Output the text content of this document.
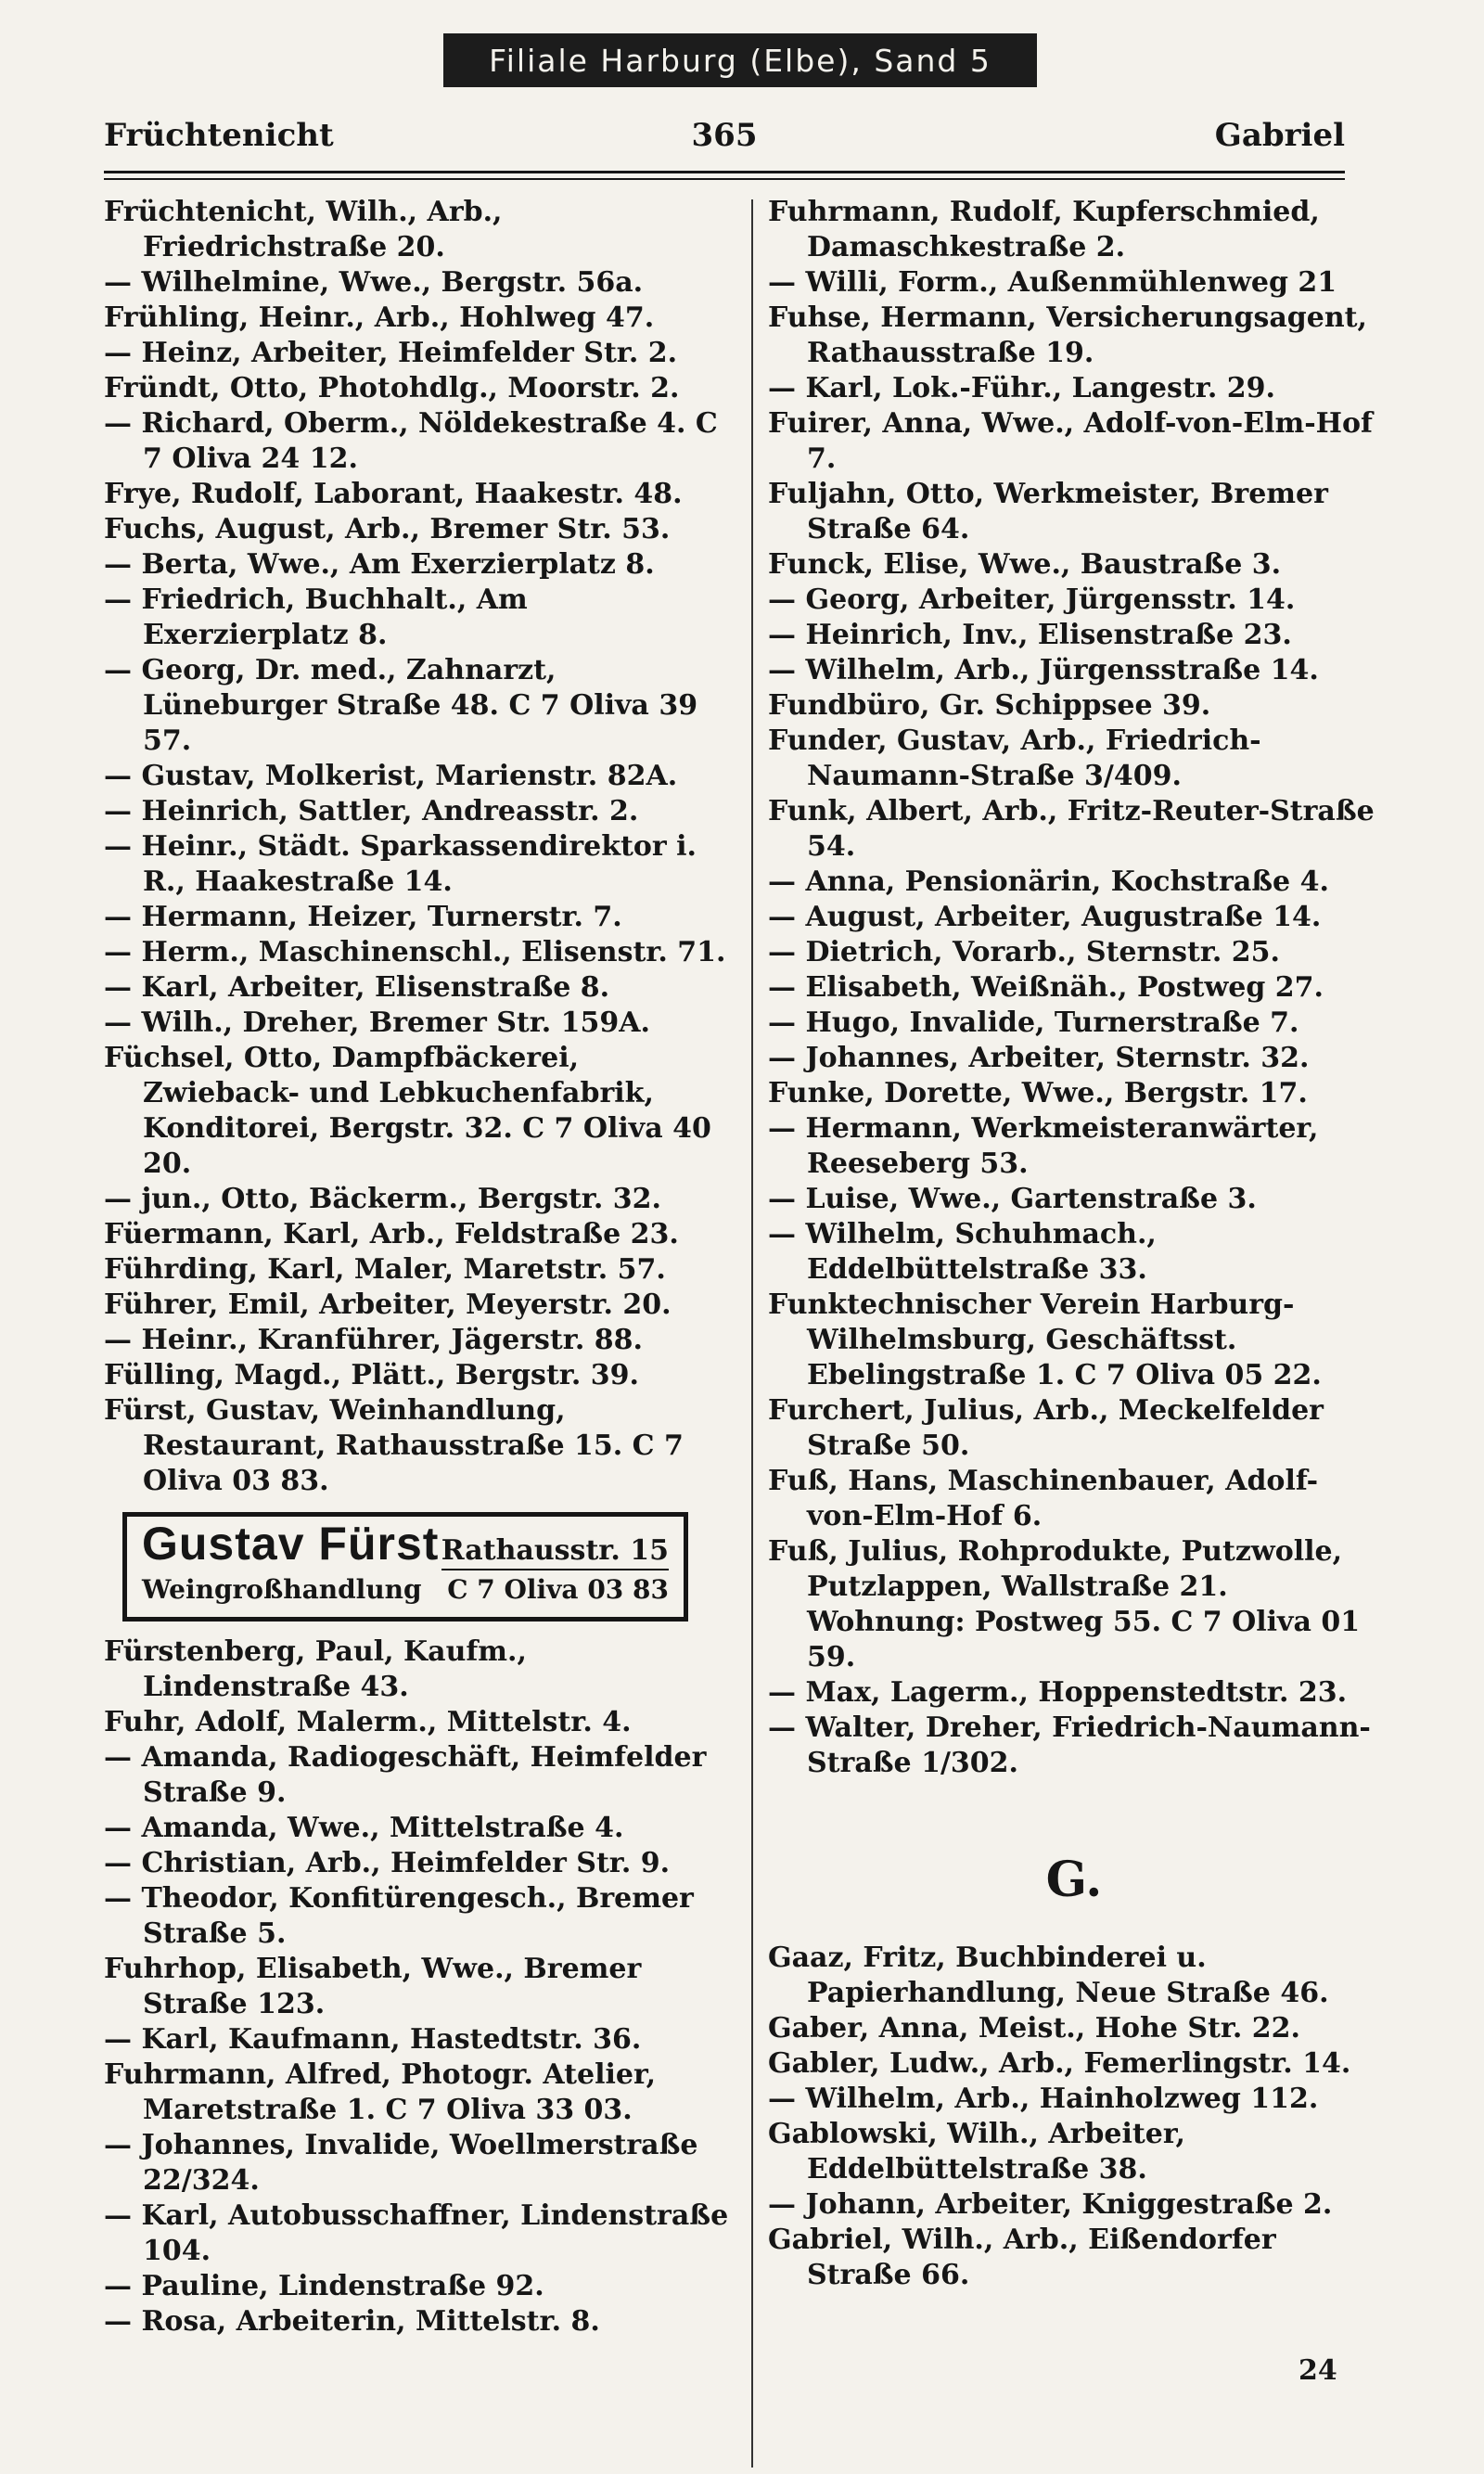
Filiale Harburg (Elbe), Sand 5
Früchtenicht	365	Gabriel

Früchtenicht, Wilh., Arb., Friedrichstraße 20.

— Wilhelmine, Wwe., Bergstr. 56a.

Frühling, Heinr., Arb., Hohlweg 47.

— Heinz, Arbeiter, Heimfelder Str. 2.

Fründt, Otto, Photohdlg., Moorstr. 2.

— Richard, Oberm., Nöldekestraße 4. C 7 Oliva 24 12.

Frye, Rudolf, Laborant, Haakestr. 48.

Fuchs, August, Arb., Bremer Str. 53.

— Berta, Wwe., Am Exerzierplatz 8.

— Friedrich, Buchhalt., Am Exerzierplatz 8.

— Georg, Dr. med., Zahnarzt, Lüneburger Straße 48. C 7 Oliva 39 57.

— Gustav, Molkerist, Marienstr. 82A.

— Heinrich, Sattler, Andreasstr. 2.

— Heinr., Städt. Sparkassendirektor i. R., Haakestraße 14.

— Hermann, Heizer, Turnerstr. 7.

— Herm., Maschinenschl., Elisenstr. 71.

— Karl, Arbeiter, Elisenstraße 8.

— Wilh., Dreher, Bremer Str. 159A.

Füchsel, Otto, Dampfbäckerei, Zwieback- und Lebkuchenfabrik, Konditorei, Bergstr. 32. C 7 Oliva 40 20.

— jun., Otto, Bäckerm., Bergstr. 32.

Füermann, Karl, Arb., Feldstraße 23.

Führding, Karl, Maler, Maretstr. 57.

Führer, Emil, Arbeiter, Meyerstr. 20.

— Heinr., Kranführer, Jägerstr. 88.

Fülling, Magd., Plätt., Bergstr. 39.

Fürst, Gustav, Weinhandlung, Restaurant, Rathausstraße 15. C 7 Oliva 03 83.

Gustav Fürst Rathausstr. 15
Weingroßhandlung C 7 Oliva 03 83

Fürstenberg, Paul, Kaufm., Lindenstraße 43.

Fuhr, Adolf, Malerm., Mittelstr. 4.

— Amanda, Radiogeschäft, Heimfelder Straße 9.

— Amanda, Wwe., Mittelstraße 4.

— Christian, Arb., Heimfelder Str. 9.

— Theodor, Konfitürengesch., Bremer Straße 5.

Fuhrhop, Elisabeth, Wwe., Bremer Straße 123.

— Karl, Kaufmann, Hastedtstr. 36.

Fuhrmann, Alfred, Photogr. Atelier, Maretstraße 1. C 7 Oliva 33 03.

— Johannes, Invalide, Woellmerstraße 22/324.

— Karl, Autobusschaffner, Lindenstraße 104.

— Pauline, Lindenstraße 92.

— Rosa, Arbeiterin, Mittelstr. 8.

Fuhrmann, Rudolf, Kupferschmied, Damaschkestraße 2.

— Willi, Form., Außenmühlenweg 21

Fuhse, Hermann, Versicherungsagent, Rathausstraße 19.

— Karl, Lok.-Führ., Langestr. 29.

Fuirer, Anna, Wwe., Adolf-von-Elm-Hof 7.

Fuljahn, Otto, Werkmeister, Bremer Straße 64.

Funck, Elise, Wwe., Baustraße 3.

— Georg, Arbeiter, Jürgensstr. 14.

— Heinrich, Inv., Elisenstraße 23.

— Wilhelm, Arb., Jürgensstraße 14.

Fundbüro, Gr. Schippsee 39.

Funder, Gustav, Arb., Friedrich-Naumann-Straße 3/409.

Funk, Albert, Arb., Fritz-Reuter-Straße 54.

— Anna, Pensionärin, Kochstraße 4.

— August, Arbeiter, Augustraße 14.

— Dietrich, Vorarb., Sternstr. 25.

— Elisabeth, Weißnäh., Postweg 27.

— Hugo, Invalide, Turnerstraße 7.

— Johannes, Arbeiter, Sternstr. 32.

Funke, Dorette, Wwe., Bergstr. 17.

— Hermann, Werkmeisteranwärter, Reeseberg 53.

— Luise, Wwe., Gartenstraße 3.

— Wilhelm, Schuhmach., Eddelbüttelstraße 33.

Funktechnischer Verein Harburg-Wilhelmsburg, Geschäftsst. Ebelingstraße 1. C 7 Oliva 05 22.

Furchert, Julius, Arb., Meckelfelder Straße 50.

Fuß, Hans, Maschinenbauer, Adolf-von-Elm-Hof 6.

Fuß, Julius, Rohprodukte, Putzwolle, Putzlappen, Wallstraße 21. Wohnung: Postweg 55. C 7 Oliva 01 59.

— Max, Lagerm., Hoppenstedtstr. 23.

— Walter, Dreher, Friedrich-Naumann-Straße 1/302.

G.

Gaaz, Fritz, Buchbinderei u. Papierhandlung, Neue Straße 46.

Gaber, Anna, Meist., Hohe Str. 22.

Gabler, Ludw., Arb., Femerlingstr. 14.

— Wilhelm, Arb., Hainholzweg 112.

Gablowski, Wilh., Arbeiter, Eddelbüttelstraße 38.

— Johann, Arbeiter, Kniggestraße 2.

Gabriel, Wilh., Arb., Eißendorfer Straße 66.

24
